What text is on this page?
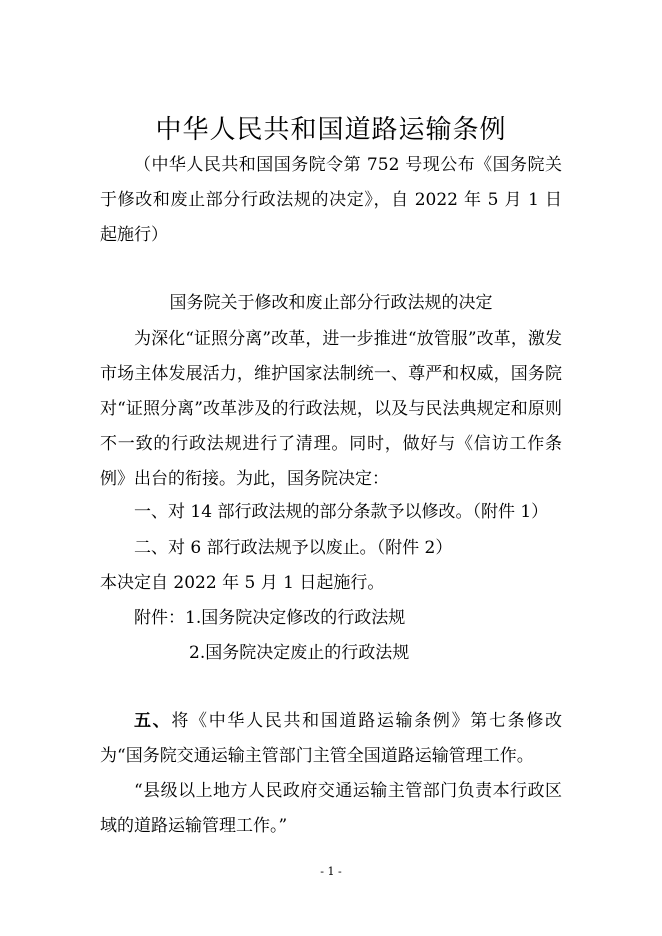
中华人民共和国道路运输条例
（中华人民共和国国务院令第 752 号现公布《国务院关于修改和废止部分行政法规的决定》，自 2022 年 5 月 1 日起施行）
国务院关于修改和废止部分行政法规的决定
为深化“证照分离”改革，进一步推进“放管服”改革，激发市场主体发展活力，维护国家法制统一、尊严和权威，国务院对“证照分离”改革涉及的行政法规，以及与民法典规定和原则不一致的行政法规进行了清理。同时，做好与《信访工作条例》出台的衔接。为此，国务院决定：
一、对 14 部行政法规的部分条款予以修改。（附件 1）
二、对 6 部行政法规予以废止。（附件 2）
本决定自 2022 年 5 月 1 日起施行。
附件：1.国务院决定修改的行政法规
2.国务院决定废止的行政法规
五、将《中华人民共和国道路运输条例》第七条修改为“国务院交通运输主管部门主管全国道路运输管理工作。
“县级以上地方人民政府交通运输主管部门负责本行政区域的道路运输管理工作。”
- 1 -
